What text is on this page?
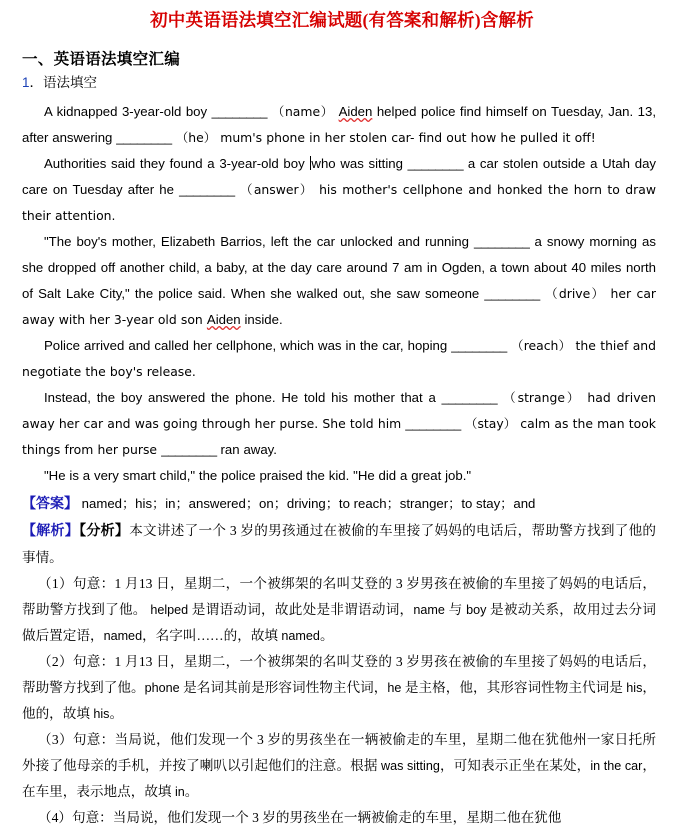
初中英语语法填空汇编试题(有答案和解析)含解析
一、英语语法填空汇编
1．语法填空

A kidnapped 3-year-old boy ________ （name） Aiden helped police find himself on Tuesday, Jan. 13, after answering ________ （he） mum's phone in her stolen car- find out how he pulled it off!

Authorities said they found a 3-year-old boy who was sitting ________ a car stolen outside a Utah day care on Tuesday after he ________ （answer） his mother's cellphone and honked the horn to draw their attention.

"The boy's mother, Elizabeth Barrios, left the car unlocked and running ________ a snowy morning as she dropped off another child, a baby, at the day care around 7 am in Ogden, a town about 40 miles north of Salt Lake City," the police said. When she walked out, she saw someone ________ （drive） her car away with her 3-year old son Aiden inside.

Police arrived and called her cellphone, which was in the car, hoping ________ （reach） the thief and negotiate the boy's release.

Instead, the boy answered the phone. He told his mother that a ________ （strange） had driven away her car and was going through her purse. She told him ________ （stay） calm as the man took things from her purse ________ ran away.

"He is a very smart child," the police praised the kid. "He did a great job."

【答案】 named；his；in；answered；on；driving；to reach；stranger；to stay；and

【解析】【分析】本文讲述了一个 3 岁的男孩通过在被偷的车里接了妈妈的电话后，帮助警方找到了他的事情。

（1）句意：1 月13 日，星期二，一个被绑架的名叫艾登的 3 岁男孩在被偷的车里接了妈妈的电话后，帮助警方找到了他。 helped 是谓语动词，故此处是非谓语动词，name 与 boy 是被动关系，故用过去分词做后置定语，named，名字叫……的，故填 named。

（2）句意：1 月13 日，星期二，一个被绑架的名叫艾登的 3 岁男孩在被偷的车里接了妈妈的电话后，帮助警方找到了他。phone 是名词其前是形容词性物主代词，he 是主格，他，其形容词性物主代词是 his，他的，故填 his。

（3）句意：当局说，他们发现一个 3 岁的男孩坐在一辆被偷走的车里，星期二他在犹他州一家日托所外接了他母亲的手机，并按了喇叭以引起他们的注意。根据 was sitting，可知表示正坐在某处，in the car，在车里，表示地点，故填 in。

（4）句意：当局说，他们发现一个 3 岁的男孩坐在一辆被偷走的车里，星期二他在犹他
